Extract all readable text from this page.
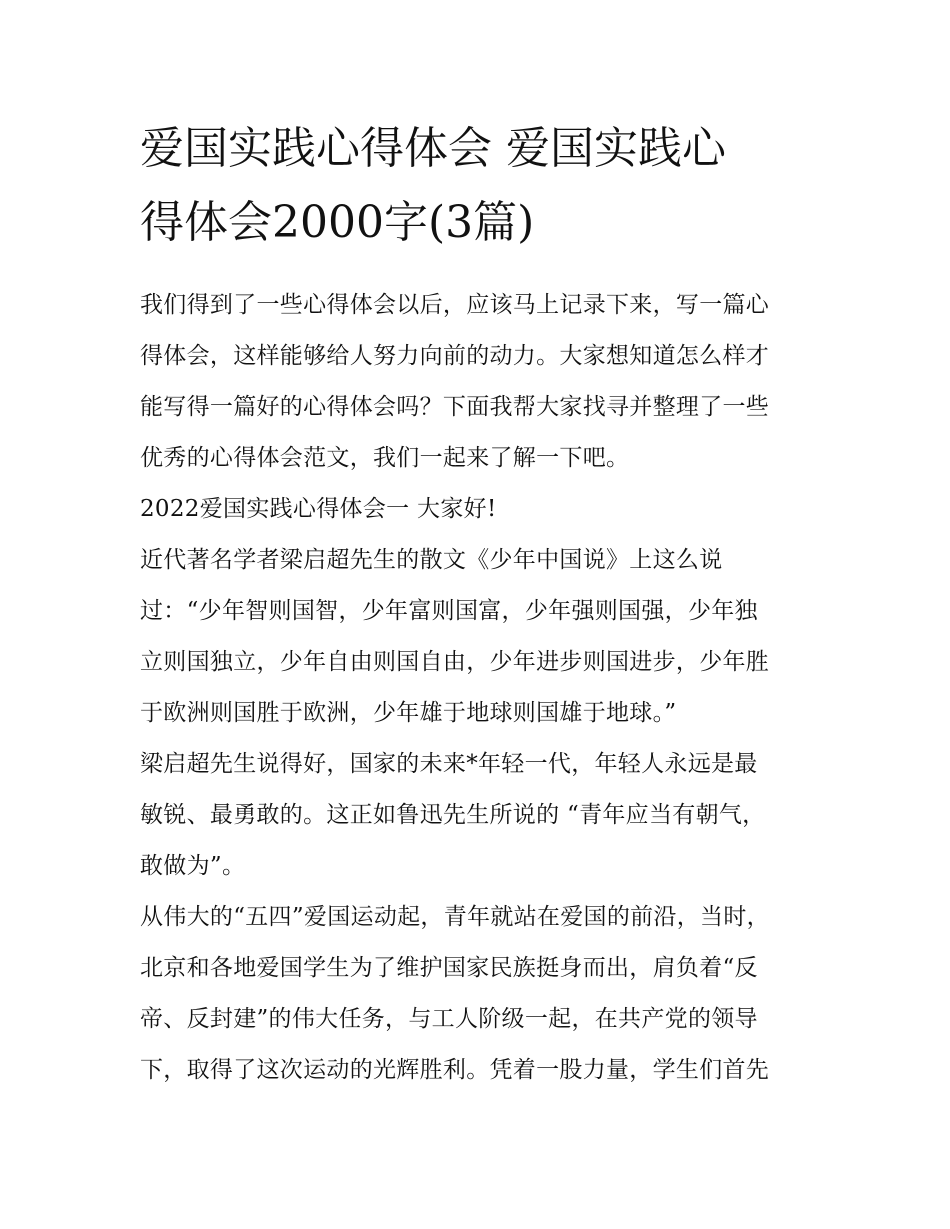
爱国实践心得体会 爱国实践心
得体会2000字(3篇)
我们得到了一些心得体会以后，应该马上记录下来，写一篇心
得体会，这样能够给人努力向前的动力。大家想知道怎么样才
能写得一篇好的心得体会吗？下面我帮大家找寻并整理了一些
优秀的心得体会范文，我们一起来了解一下吧。
2022爱国实践心得体会一 大家好!
近代著名学者梁启超先生的散文《少年中国说》上这么说
过：“少年智则国智，少年富则国富，少年强则国强，少年独
立则国独立，少年自由则国自由，少年进步则国进步，少年胜
于欧洲则国胜于欧洲，少年雄于地球则国雄于地球。”
梁启超先生说得好，国家的未来*年轻一代，年轻人永远是最
敏锐、最勇敢的。这正如鲁迅先生所说的 “青年应当有朝气，
敢做为”。
从伟大的“五四”爱国运动起，青年就站在爱国的前沿，当时，
北京和各地爱国学生为了维护国家民族挺身而出，肩负着“反
帝、反封建”的伟大任务，与工人阶级一起，在共产党的领导
下，取得了这次运动的光辉胜利。凭着一股力量，学生们首先
